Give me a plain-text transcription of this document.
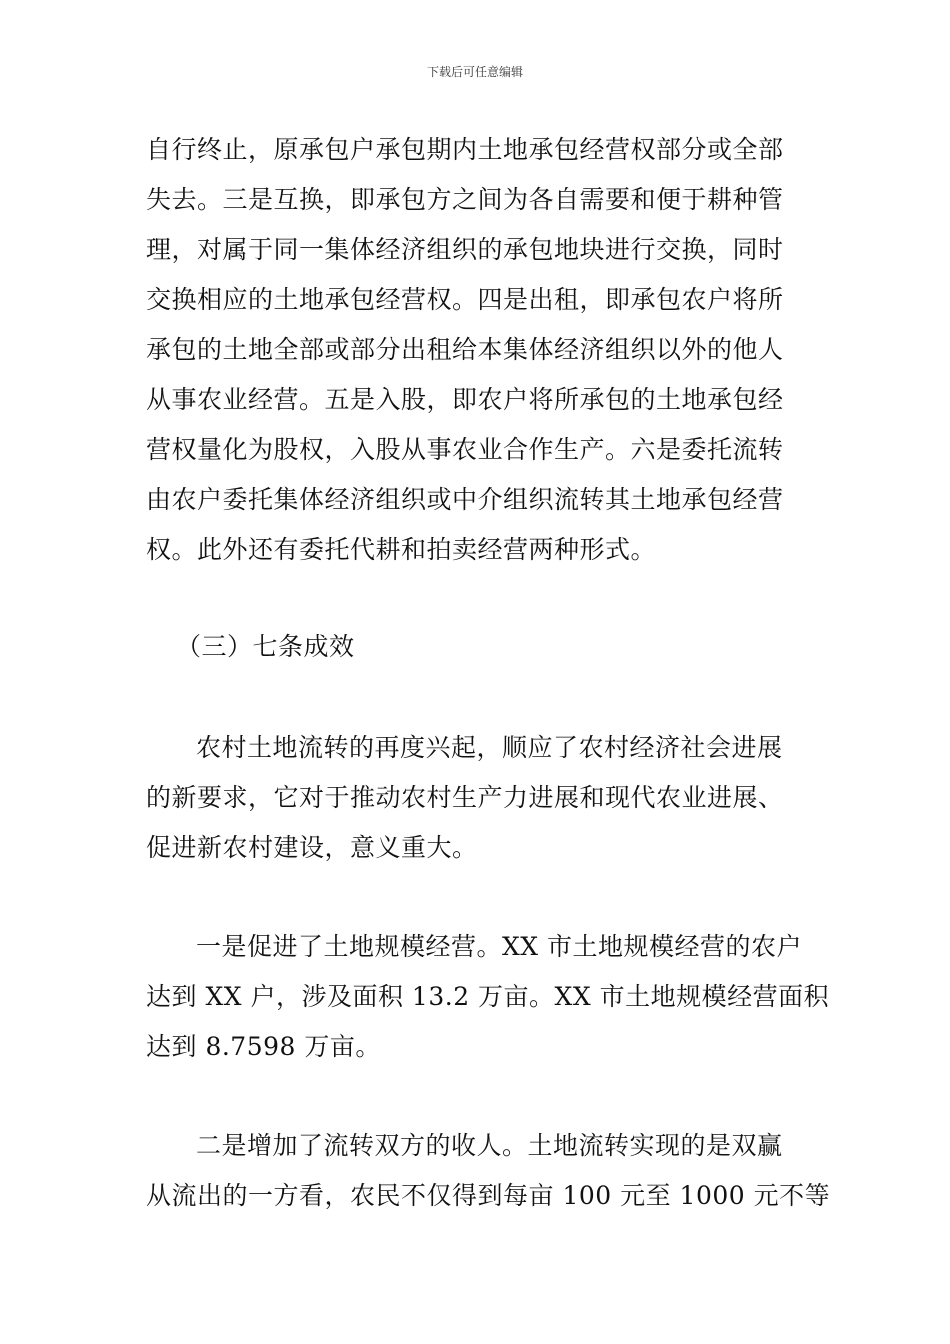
下载后可任意编辑
自行终止，原承包户承包期内土地承包经营权部分或全部
失去。三是互换，即承包方之间为各自需要和便于耕种管
理，对属于同一集体经济组织的承包地块进行交换，同时
交换相应的土地承包经营权。四是出租，即承包农户将所
承包的土地全部或部分出租给本集体经济组织以外的他人
从事农业经营。五是入股，即农户将所承包的土地承包经
营权量化为股权，入股从事农业合作生产。六是委托流转
由农户委托集体经济组织或中介组织流转其土地承包经营
权。此外还有委托代耕和拍卖经营两种形式。
（三）七条成效
农村土地流转的再度兴起，顺应了农村经济社会进展
的新要求，它对于推动农村生产力进展和现代农业进展、
促进新农村建设，意义重大。
一是促进了土地规模经营。XX 市土地规模经营的农户
达到 XX 户，涉及面积 13.2 万亩。XX 市土地规模经营面积
达到 8.7598 万亩。
二是增加了流转双方的收人。土地流转实现的是双赢
从流出的一方看，农民不仅得到每亩 100 元至 1000 元不等
